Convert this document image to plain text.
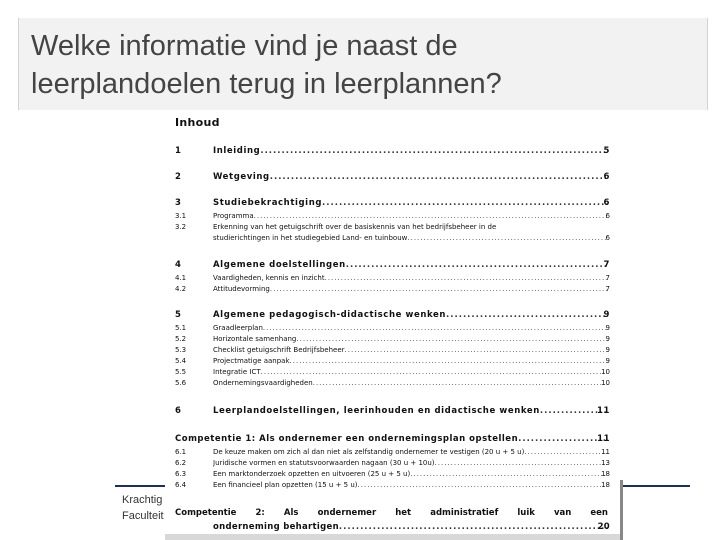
Welke informatie vind je naast de
leerplandoelen terug in leerplannen?
Krachtig
Faculteit
Inhoud
1	Inleiding .....	5
2	Wetgeving .....	6
3	Studiebekrachtiging .....	6
3.1	Programma .....	6
3.2	Erkenning van het getuigschrift over de basiskennis van het bedrijfsbeheer in de
studierichtingen in het studiegebied Land- en tuinbouw .....	6
4	Algemene doelstellingen .....	7
4.1	Vaardigheden, kennis en inzicht .....	7
4.2	Attitudevorming .....	7
5	Algemene pedagogisch-didactische wenken .....	9
5.1	Graadleerplan .....	9
5.2	Horizontale samenhang .....	9
5.3	Checklist getuigschrift Bedrijfsbeheer .....	9
5.4	Projectmatige aanpak .....	9
5.5	Integratie ICT .....	10
5.6	Ondernemingsvaardigheden .....	10
6	Leerplandoelstellingen, leerinhouden en didactische wenken .....	11
Competentie 1: Als ondernemer een ondernemingsplan opstellen .....	11
6.1	De keuze maken om zich al dan niet als zelfstandig ondernemer te vestigen (20 u + 5 u) .....	11
6.2	Juridische vormen en statutsvoorwaarden nagaan (30 u + 10u) .....	13
6.3	Een marktonderzoek opzetten en uitvoeren (25 u + 5 u) .....	18
6.4	Een financieel plan opzetten (15 u + 5 u) .....	18
Competentie 2: Als ondernemer het administratief luik van een
onderneming behartigen .....	20
